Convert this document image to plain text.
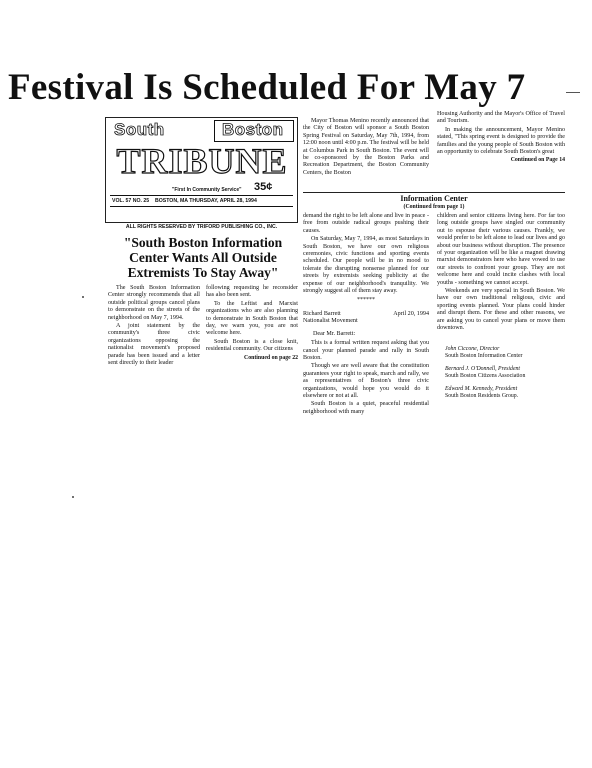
Festival Is Scheduled For May 7
South	Boston
TRIBUNE
"First In Community Service" 35¢
VOL. 57 NO. 25 BOSTON, MA THURSDAY, APRIL 28, 1994
ALL RIGHTS RESERVED BY TRIFORD PUBLISHING CO., INC.
"South Boston Information Center Wants All Outside Extremists To Stay Away"

The South Boston Information Center strongly recommends that all outside political groups cancel plans to demonstrate on the streets of the neighborhood on May 7, 1994.

A joint statement by the community's three civic organizations opposing the nationalist movement's proposed parade has been issued and a letter sent directly to their leader

following requesting he reconsider has also been sent.

To the Leftist and Marxist organizations who are also planning to demonstrate in South Boston that day, we warn you, you are not welcome here.

South Boston is a close knit, residential community. Our citizens

Continued on page 22

Mayor Thomas Menino recently announced that the City of Boston will sponsor a South Boston Spring Festival on Saturday, May 7th, 1994, from 12:00 noon until 4:00 p.m. The festival will be held at Columbus Park in South Boston. The event will be co-sponsored by the Boston Parks and Recreation Department, the Boston Community Centers, the Boston

Housing Authority and the Mayor's Office of Travel and Tourism.

In making the announcement, Mayor Menino stated, "This spring event is designed to provide the families and the young people of South Boston with an opportunity to celebrate South Boston's great

Continued on Page 14
Information Center
(Continued from page 1)

demand the right to be left alone and live in peace - free from outside radical groups pushing their causes.

On Saturday, May 7, 1994, as most Saturdays in South Boston, we have our own religious ceremonies, civic functions and sporting events scheduled. Our people will be in no mood to tolerate the disrupting nonsense planned for our streets by extremists seeking publicity at the expense of our neighborhood's tranquility. We strongly suggest all of them stay away.

******
Richard Barrett	April 20, 1994
Nationalist Movement
Dear Mr. Barrett:

This is a formal written request asking that you cancel your planned parade and rally in South Boston.

Though we are well aware that the constitution guarantees your right to speak, march and rally, we as representatives of Boston's three civic organizations, would hope you would do it elsewhere or not at all.

South Boston is a quiet, peaceful residential neighborhood with many

children and senior citizens living here. For far too long outside groups have singled our community out to espouse their various causes. Frankly, we would prefer to be left alone to lead our lives and go about our business without disruption. The presence of your organization will be like a magnet drawing marxist demonstrators here who have vowed to use our streets to confront your group. They are not welcome here and could incite clashes with local youths - something we cannot accept.

Weekends are very special in South Boston. We have our own traditional religious, civic and sporting events planned. Your plans could hinder and disrupt them. For these and other reasons, we are asking you to cancel your plans or move them downtown.

John Ciccone, Director
South Boston Information Center
Bernard J. O'Donnell, President
South Boston Citizens Association
Edward M. Kennedy, President
South Boston Residents Group.
